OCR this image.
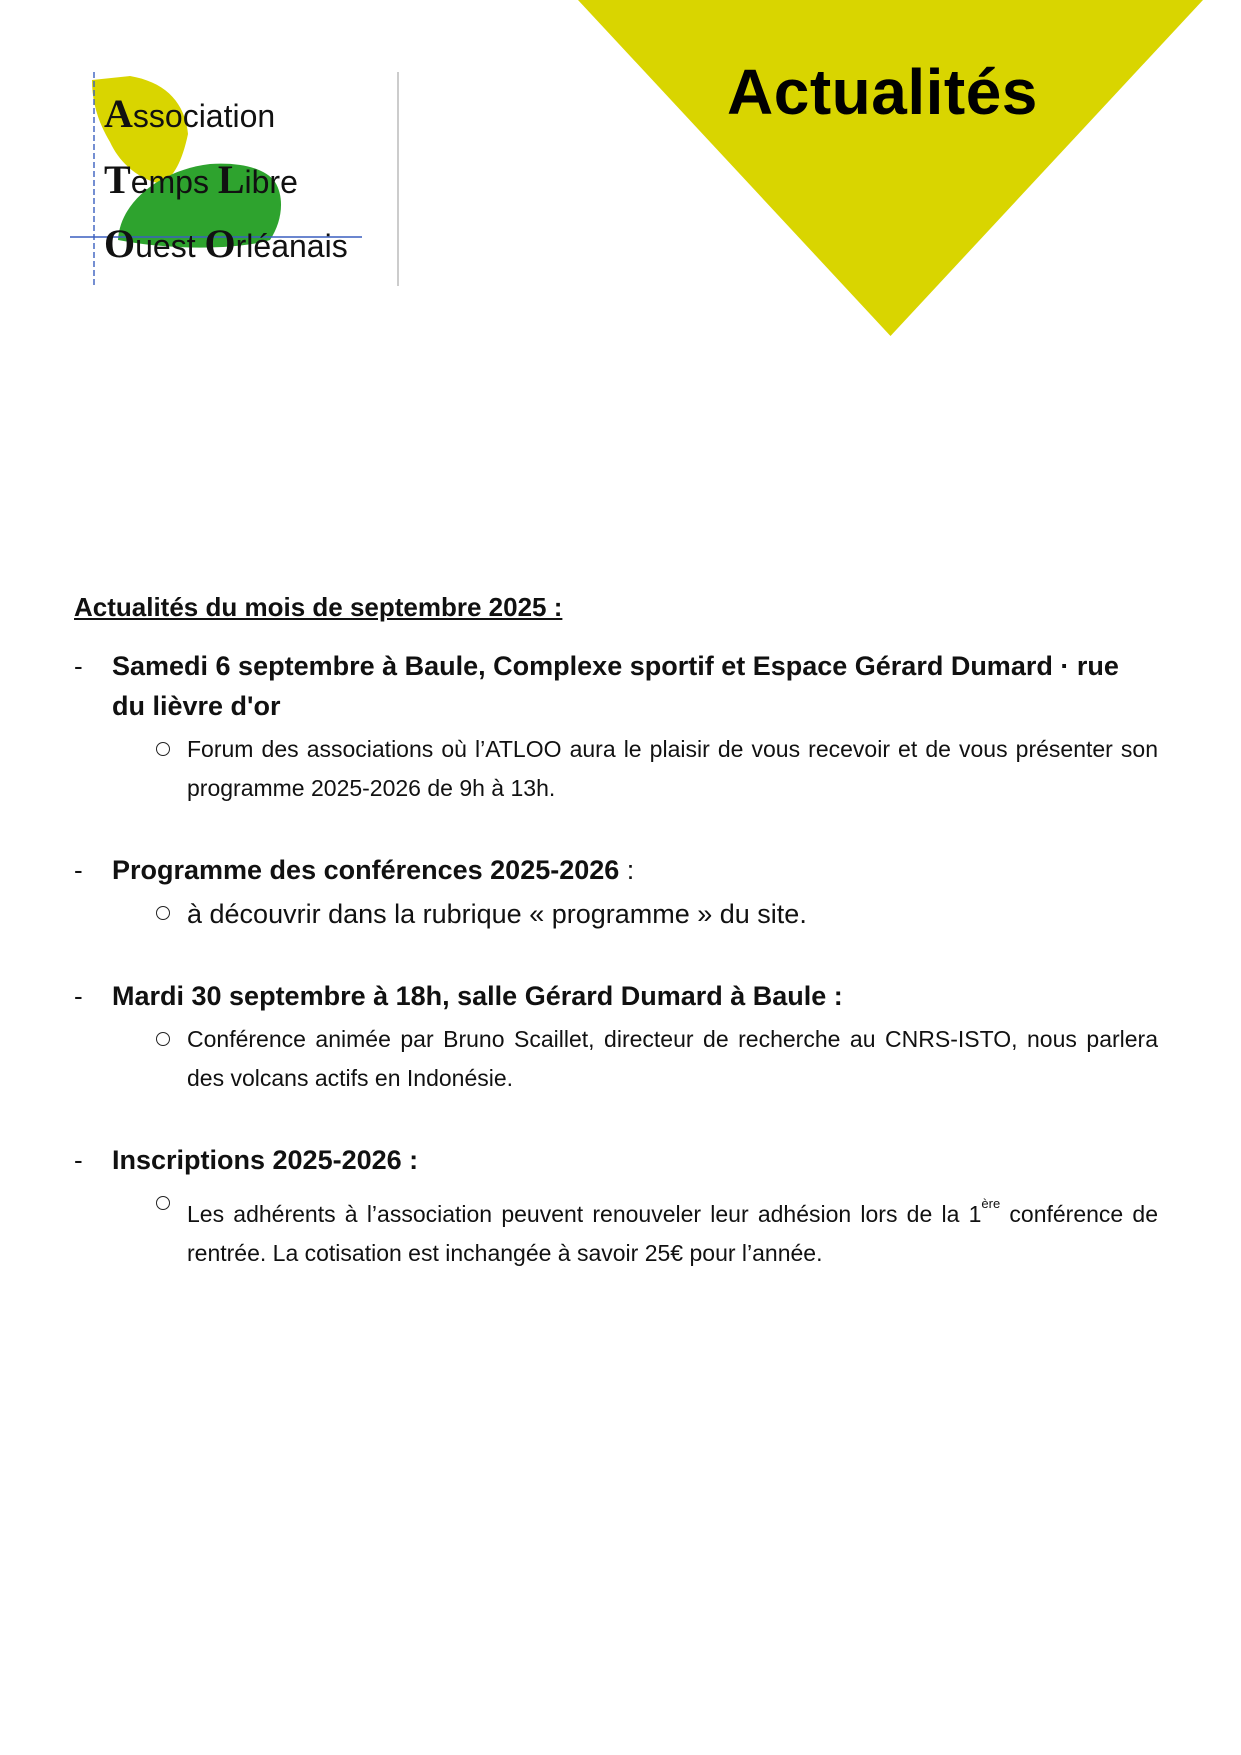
Actualités
Association
Temps Libre
Ouest Orléanais
Actualités du mois de septembre 2025 :
- Samedi 6 septembre à Baule, Complexe sportif et Espace Gérard Dumard · rue du lièvre d'or
Forum des associations où l’ATLOO aura le plaisir de vous recevoir et de vous présenter son programme 2025-2026 de 9h à 13h.
- Programme des conférences 2025-2026 :
à découvrir dans la rubrique « programme » du site.
- Mardi 30 septembre à 18h, salle Gérard Dumard à Baule :
Conférence animée par Bruno Scaillet, directeur de recherche au CNRS-ISTO, nous parlera des volcans actifs en Indonésie.
- Inscriptions 2025-2026 :
Les adhérents à l’association peuvent renouveler leur adhésion lors de la 1ère conférence de rentrée. La cotisation est inchangée à savoir 25€ pour l’année.
